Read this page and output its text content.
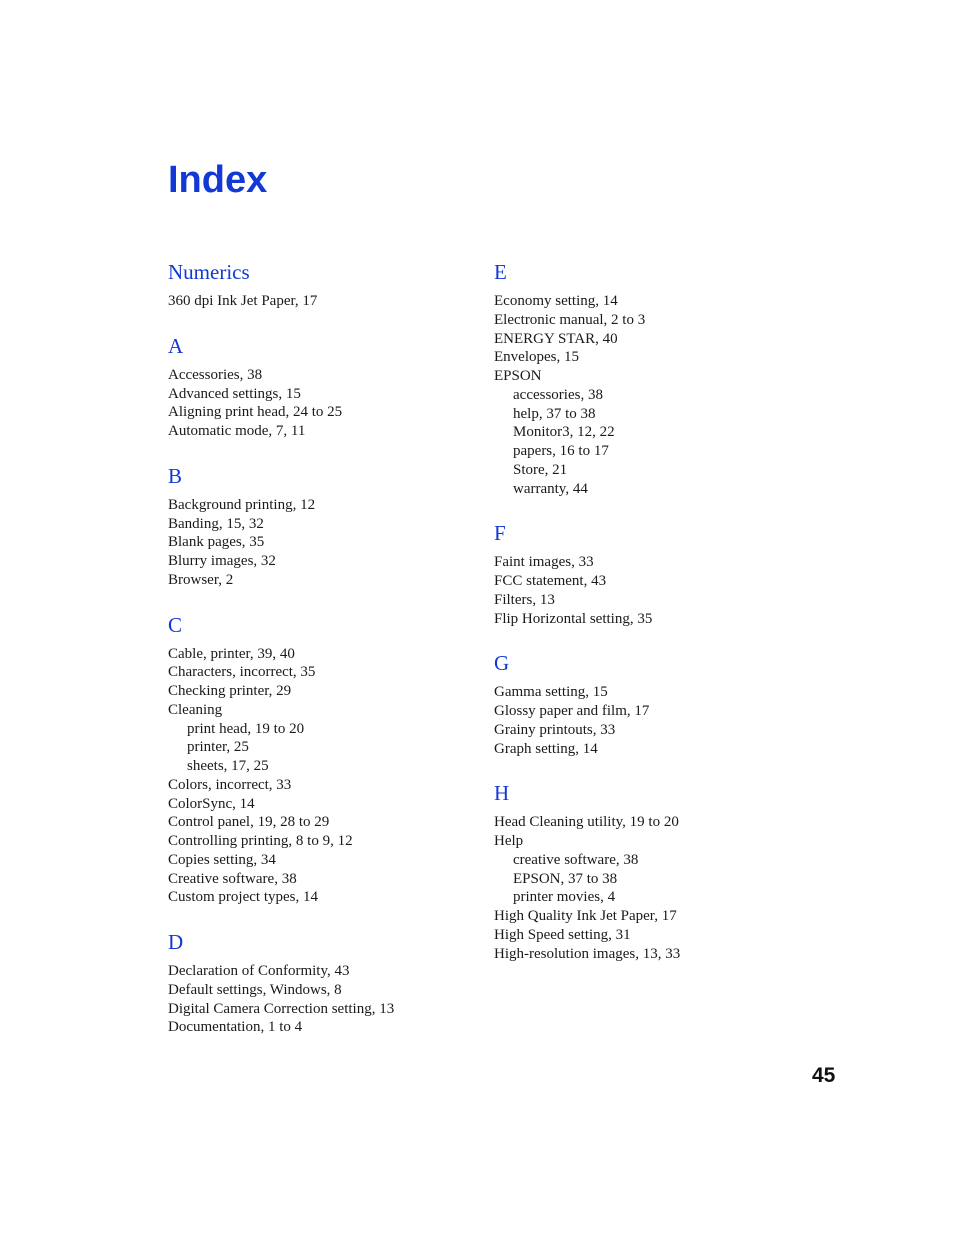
Index
Numerics
360 dpi Ink Jet Paper, 17
A
Accessories, 38
Advanced settings, 15
Aligning print head, 24 to 25
Automatic mode, 7, 11
B
Background printing, 12
Banding, 15, 32
Blank pages, 35
Blurry images, 32
Browser, 2
C
Cable, printer, 39, 40
Characters, incorrect, 35
Checking printer, 29
Cleaning
print head, 19 to 20
printer, 25
sheets, 17, 25
Colors, incorrect, 33
ColorSync, 14
Control panel, 19, 28 to 29
Controlling printing, 8 to 9, 12
Copies setting, 34
Creative software, 38
Custom project types, 14
D
Declaration of Conformity, 43
Default settings, Windows, 8
Digital Camera Correction setting, 13
Documentation, 1 to 4
E
Economy setting, 14
Electronic manual, 2 to 3
ENERGY STAR, 40
Envelopes, 15
EPSON
accessories, 38
help, 37 to 38
Monitor3, 12, 22
papers, 16 to 17
Store, 21
warranty, 44
F
Faint images, 33
FCC statement, 43
Filters, 13
Flip Horizontal setting, 35
G
Gamma setting, 15
Glossy paper and film, 17
Grainy printouts, 33
Graph setting, 14
H
Head Cleaning utility, 19 to 20
Help
creative software, 38
EPSON, 37 to 38
printer movies, 4
High Quality Ink Jet Paper, 17
High Speed setting, 31
High-resolution images, 13, 33
45
